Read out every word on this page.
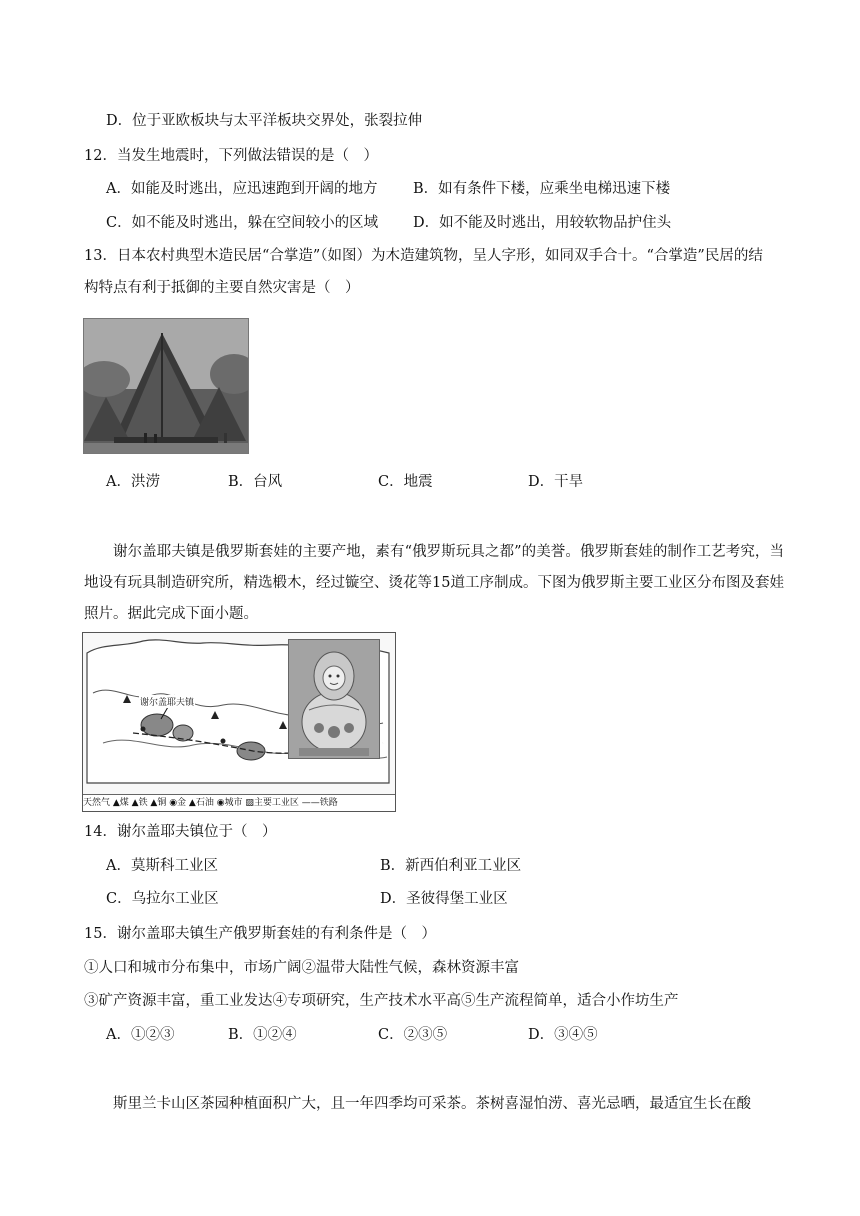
D．位于亚欧板块与太平洋板块交界处，张裂拉伸
12．当发生地震时，下列做法错误的是（　）
A．如能及时逃出，应迅速跑到开阔的地方 B．如有条件下楼，应乘坐电梯迅速下楼
C．如不能及时逃出，躲在空间较小的区域 D．如不能及时逃出，用较软物品护住头
13．日本农村典型木造民居“合掌造”（如图）为木造建筑物，呈人字形，如同双手合十。“合掌造”民居的结
构特点有利于抵御的主要自然灾害是（　）
A．洪涝	B．台风	C．地震	D．干旱
谢尔盖耶夫镇是俄罗斯套娃的主要产地，素有“俄罗斯玩具之都”的美誉。俄罗斯套娃的制作工艺考究，当地设有玩具制造研究所，精选椴木，经过镟空、烫花等15道工序制成。下图为俄罗斯主要工业区分布图及套娃照片。据此完成下面小题。
谢尔盖耶夫镇
天然气 ▲煤 ▲铁 ▲铜 ◉金 ▲石油 ◉城市 ▨主要工业区 ——铁路
14．谢尔盖耶夫镇位于（　）
A．莫斯科工业区	B．新西伯利亚工业区
C．乌拉尔工业区	D．圣彼得堡工业区
15．谢尔盖耶夫镇生产俄罗斯套娃的有利条件是（　）
①人口和城市分布集中，市场广阔②温带大陆性气候，森林资源丰富
③矿产资源丰富，重工业发达④专项研究，生产技术水平高⑤生产流程简单，适合小作坊生产
A．①②③	B．①②④	C．②③⑤	D．③④⑤
斯里兰卡山区茶园种植面积广大，且一年四季均可采茶。茶树喜湿怕涝、喜光忌晒，最适宜生长在酸
